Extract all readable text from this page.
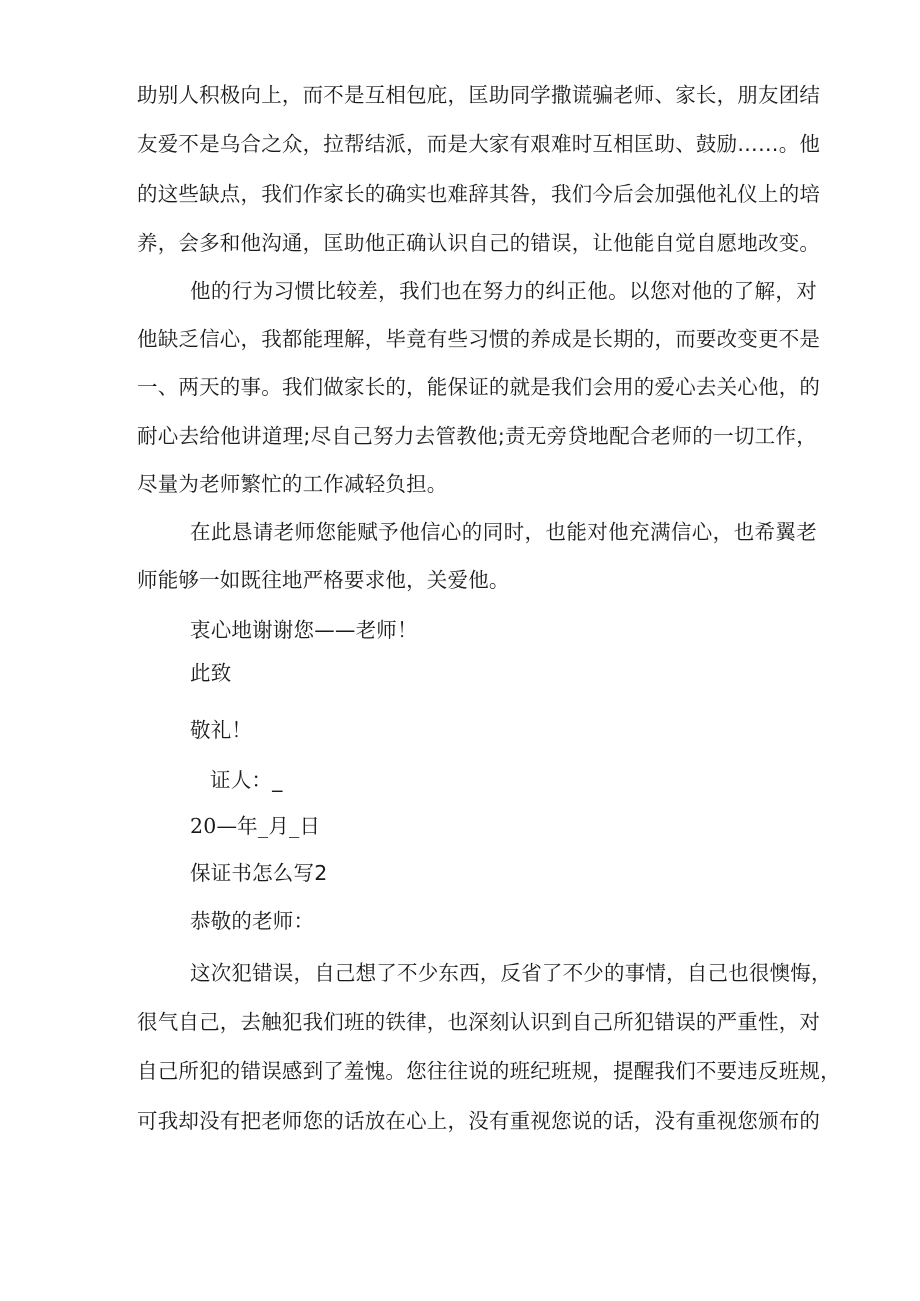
助别人积极向上，而不是互相包庇，匡助同学撒谎骗老师、家长，朋友团结
友爱不是乌合之众，拉帮结派，而是大家有艰难时互相匡助、鼓励……。他
的这些缺点，我们作家长的确实也难辞其咎，我们今后会加强他礼仪上的培
养，会多和他沟通，匡助他正确认识自己的错误，让他能自觉自愿地改变。
他的行为习惯比较差，我们也在努力的纠正他。以您对他的了解，对
他缺乏信心，我都能理解，毕竟有些习惯的养成是长期的，而要改变更不是
一、两天的事。我们做家长的，能保证的就是我们会用的爱心去关心他，的
耐心去给他讲道理;尽自己努力去管教他;责无旁贷地配合老师的一切工作，
尽量为老师繁忙的工作减轻负担。
在此恳请老师您能赋予他信心的同时，也能对他充满信心，也希翼老
师能够一如既往地严格要求他，关爱他。
衷心地谢谢您——老师！
此致
敬礼！
证人：_
20—年_月_日
保证书怎么写2
恭敬的老师：
这次犯错误，自己想了不少东西，反省了不少的事情，自己也很懊悔，
很气自己，去触犯我们班的铁律，也深刻认识到自己所犯错误的严重性，对
自己所犯的错误感到了羞愧。您往往说的班纪班规，提醒我们不要违反班规，
可我却没有把老师您的话放在心上，没有重视您说的话，没有重视您颁布的
